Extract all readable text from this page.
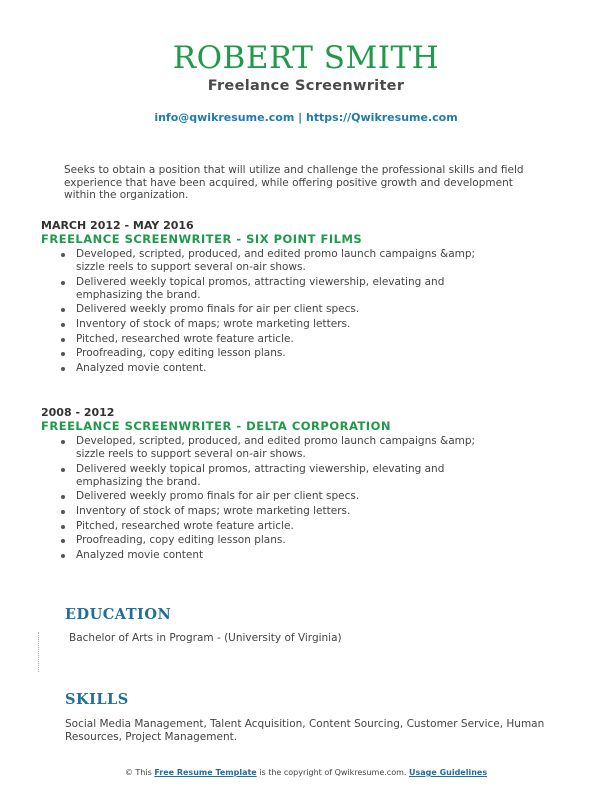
ROBERT SMITH
Freelance Screenwriter
info@qwikresume.com | https://Qwikresume.com
Seeks to obtain a position that will utilize and challenge the professional skills and field experience that have been acquired, while offering positive growth and development within the organization.
MARCH 2012 - MAY 2016
FREELANCE SCREENWRITER - SIX POINT FILMS
Developed, scripted, produced, and edited promo launch campaigns &amp; sizzle reels to support several on-air shows.
Delivered weekly topical promos, attracting viewership, elevating and emphasizing the brand.
Delivered weekly promo finals for air per client specs.
Inventory of stock of maps; wrote marketing letters.
Pitched, researched wrote feature article.
Proofreading, copy editing lesson plans.
Analyzed movie content.
2008 - 2012
FREELANCE SCREENWRITER - DELTA CORPORATION
Developed, scripted, produced, and edited promo launch campaigns &amp; sizzle reels to support several on-air shows.
Delivered weekly topical promos, attracting viewership, elevating and emphasizing the brand.
Delivered weekly promo finals for air per client specs.
Inventory of stock of maps; wrote marketing letters.
Pitched, researched wrote feature article.
Proofreading, copy editing lesson plans.
Analyzed movie content
EDUCATION
Bachelor of Arts in Program - (University of Virginia)
SKILLS
Social Media Management, Talent Acquisition, Content Sourcing, Customer Service, Human Resources, Project Management.
© This Free Resume Template is the copyright of Qwikresume.com. Usage Guidelines
